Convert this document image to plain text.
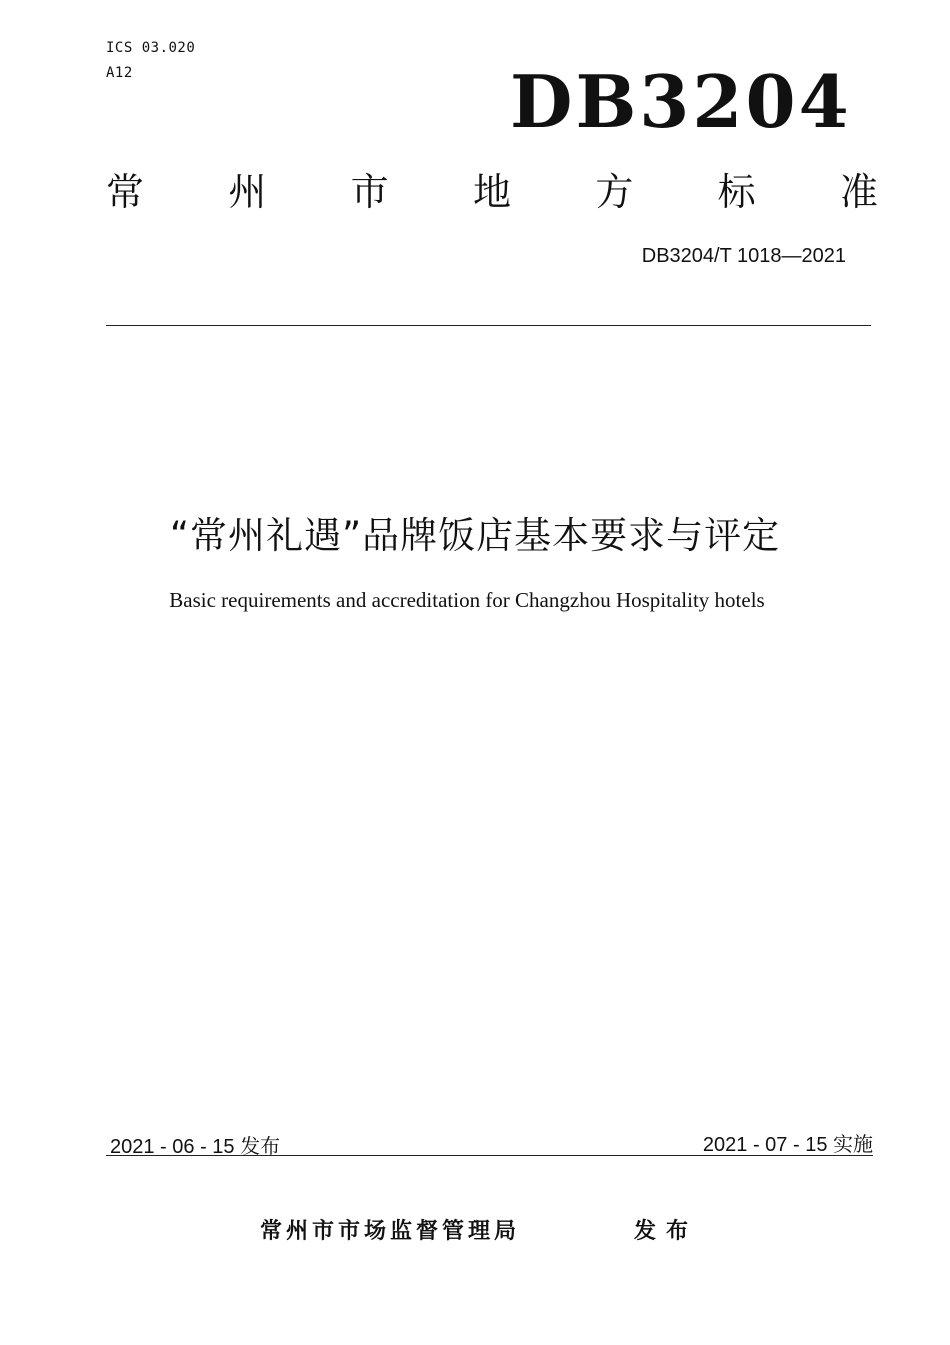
ICS 03.020
A12	DB3204
常 州 市 地 方 标 准
DB3204/T 1018—2021
“常州礼遇”品牌饭店基本要求与评定
Basic requirements and accreditation for Changzhou Hospitality hotels
2021 - 06 - 15 发布	2021 - 07 - 15 实施
常州市市场监督管理局	发布
